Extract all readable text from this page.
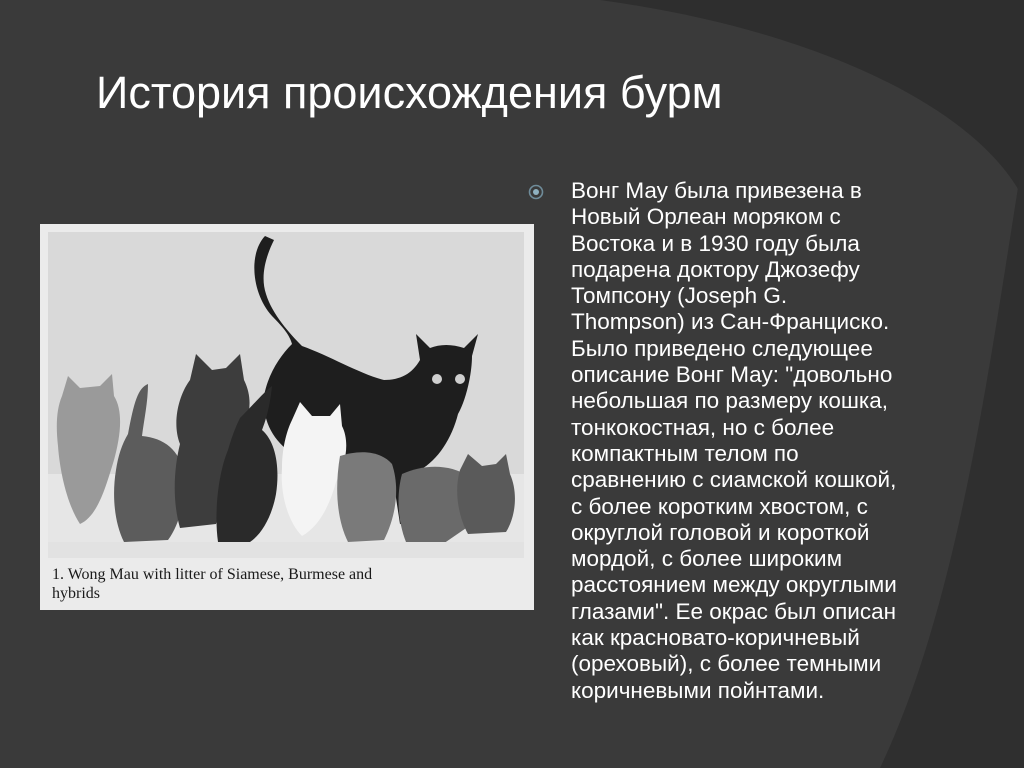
История происхождения бурм

1. Wong Mau with litter of Siamese, Burmese and
hybrids

Вонг Мау была привезена в
Новый Орлеан моряком с
Востока и в 1930 году была
подарена доктору Джозефу
Томпсону (Joseph G.
Thompson) из Сан-Франциско.
Было приведено следующее
описание Вонг Мау: "довольно
небольшая по размеру кошка,
тонкокостная, но с более
компактным телом по
сравнению с сиамской кошкой,
с более коротким хвостом, с
округлой головой и короткой
мордой, с более широким
расстоянием между округлыми
глазами". Ее окрас был описан
как красновато-коричневый
(ореховый), с более темными
коричневыми пойнтами.
